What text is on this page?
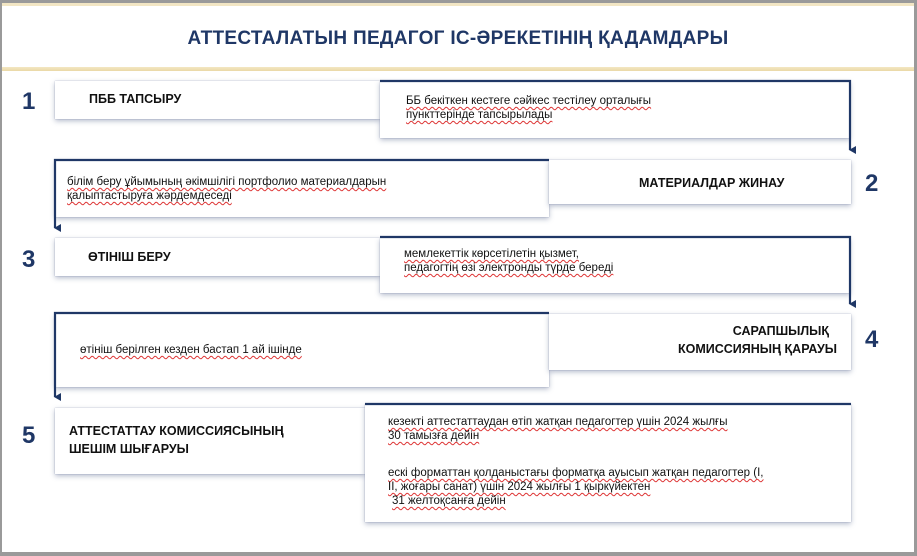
АТТЕСТАЛАТЫН ПЕДАГОГ ІС-ӘРЕКЕТІНІҢ ҚАДАМДАРЫ
1
2
3
4
5
ПББ ТАПСЫРУ	ББ бекіткен кестеге сәйкес тестілеу орталығы
пункттерінде тапсырылады
білім беру ұйымының әкімшілігі портфолио материалдарын
қалыптастыруға жәрдемдеседі
МАТЕРИАЛДАР ЖИНАУ
ӨТІНІШ БЕРУ	мемлекеттік көрсетілетін қызмет,
педагогтің өзі электронды түрде береді
өтініш берілген кезден бастап 1 ай ішінде
САРАПШЫЛЫҚ
КОМИССИЯНЫҢ ҚАРАУЫ
АТТЕСТАТТАУ КОМИССИЯСЫНЫҢ
ШЕШІМ ШЫҒАРУЫ
кезекті аттестаттаудан өтіп жатқан педагогтер үшін 2024 жылғы
30 тамызға дейін
ескі форматтан қолданыстағы форматқа ауысып жатқан педагогтер (І,
ІІ, жоғары санат) үшін 2024 жылғы 1 қыркүйектен
31 желтоқсанға дейін
